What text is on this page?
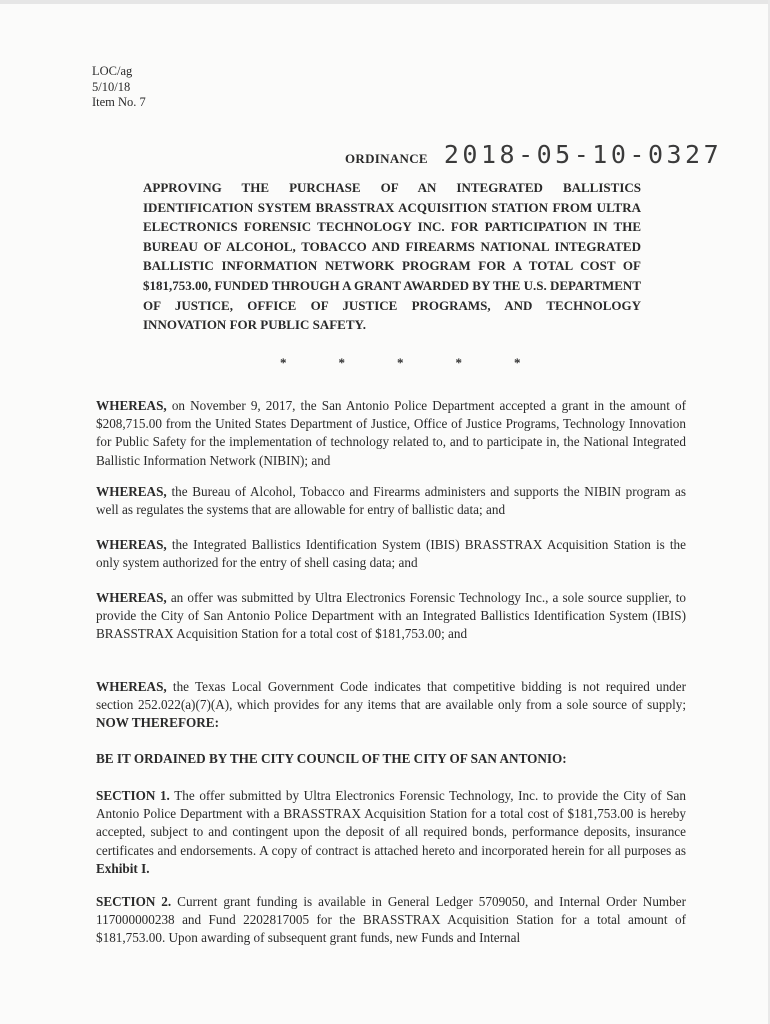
LOC/ag
5/10/18
Item No. 7
ORDINANCE 2018-05-10-0327
APPROVING THE PURCHASE OF AN INTEGRATED BALLISTICS IDENTIFICATION SYSTEM BRASSTRAX ACQUISITION STATION FROM ULTRA ELECTRONICS FORENSIC TECHNOLOGY INC. FOR PARTICIPATION IN THE BUREAU OF ALCOHOL, TOBACCO AND FIREARMS NATIONAL INTEGRATED BALLISTIC INFORMATION NETWORK PROGRAM FOR A TOTAL COST OF $181,753.00, FUNDED THROUGH A GRANT AWARDED BY THE U.S. DEPARTMENT OF JUSTICE, OFFICE OF JUSTICE PROGRAMS, AND TECHNOLOGY INNOVATION FOR PUBLIC SAFETY.
*	*	*	*	*
WHEREAS, on November 9, 2017, the San Antonio Police Department accepted a grant in the amount of $208,715.00 from the United States Department of Justice, Office of Justice Programs, Technology Innovation for Public Safety for the implementation of technology related to, and to participate in, the National Integrated Ballistic Information Network (NIBIN); and
WHEREAS, the Bureau of Alcohol, Tobacco and Firearms administers and supports the NIBIN program as well as regulates the systems that are allowable for entry of ballistic data; and
WHEREAS, the Integrated Ballistics Identification System (IBIS) BRASSTRAX Acquisition Station is the only system authorized for the entry of shell casing data; and
WHEREAS, an offer was submitted by Ultra Electronics Forensic Technology Inc., a sole source supplier, to provide the City of San Antonio Police Department with an Integrated Ballistics Identification System (IBIS) BRASSTRAX Acquisition Station for a total cost of $181,753.00; and
WHEREAS, the Texas Local Government Code indicates that competitive bidding is not required under section 252.022(a)(7)(A), which provides for any items that are available only from a sole source of supply; NOW THEREFORE:
BE IT ORDAINED BY THE CITY COUNCIL OF THE CITY OF SAN ANTONIO:
SECTION 1. The offer submitted by Ultra Electronics Forensic Technology, Inc. to provide the City of San Antonio Police Department with a BRASSTRAX Acquisition Station for a total cost of $181,753.00 is hereby accepted, subject to and contingent upon the deposit of all required bonds, performance deposits, insurance certificates and endorsements. A copy of contract is attached hereto and incorporated herein for all purposes as Exhibit I.
SECTION 2. Current grant funding is available in General Ledger 5709050, and Internal Order Number 117000000238 and Fund 2202817005 for the BRASSTRAX Acquisition Station for a total amount of $181,753.00. Upon awarding of subsequent grant funds, new Funds and Internal
